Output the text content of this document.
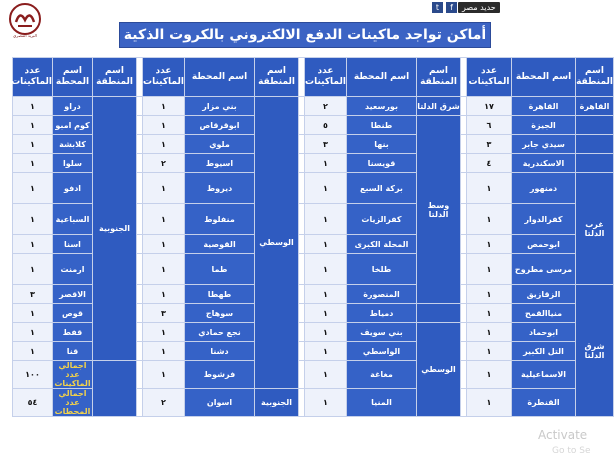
حديد مصر
f
t
البريد المصري	أماكن تواجد ماكينات الدفع الالكتروني بالكروت الذكية
اسم المنطقة	اسم المحطة	عدد الماكينات		اسم المنطقة	اسم المحطة	عدد الماكينات		اسم المنطقة	اسم المحطة	عدد الماكينات		اسم المنطقة	اسم المحطة	عدد الماكينات
القاهرة	القاهرة	١٧		شرق الدلتا	بورسعيد	٢		الوسطي	بني مزار	١		الجنوبية	دراو	١
	الجيزة	٦		وسط الدلتا	طنطا	٥			ابوقرقاص	١			كوم امبو	١
	سيدي جابر	٣			بنها	٣			ملوي	١			كلابشة	١
	الاسكندرية	٤			قويسنا	١			اسيوط	٢			سلوا	١
غرب الدلتا	دمنهور	١			بركة السبع	١			ديروط	١			ادفو	١
	كفرالدوار	١			كفرالزيات	١			منفلوط	١			السباعية	١
	ابوحمص	١			المحلة الكبرى	١			القوصية	١			اسنا	١
	مرسى مطروح	١			طلخا	١			طما	١			ارمنت	١
شرق الدلتا	الزقازيق	١			المنصورة	١			طهطا	١			الاقصر	٣
	منياالقمح	١			دمياط	١			سوهاج	٣			قوص	١
	ابوحماد	١		الوسطي	بني سويف	١			نجع حمادي	١			قفط	١
	التل الكبير	١			الواسطي	١			دشنا	١			قنا	١
	الاسماعيلية	١			مغاغة	١			فرشوط	١			اجمالي عدد الماكينات	١٠٠
	القنطرة	١			المنيا	١		الجنوبية	اسوان	٢			اجمالي عدد المحطات	٥٤
Activate
Go to Se
